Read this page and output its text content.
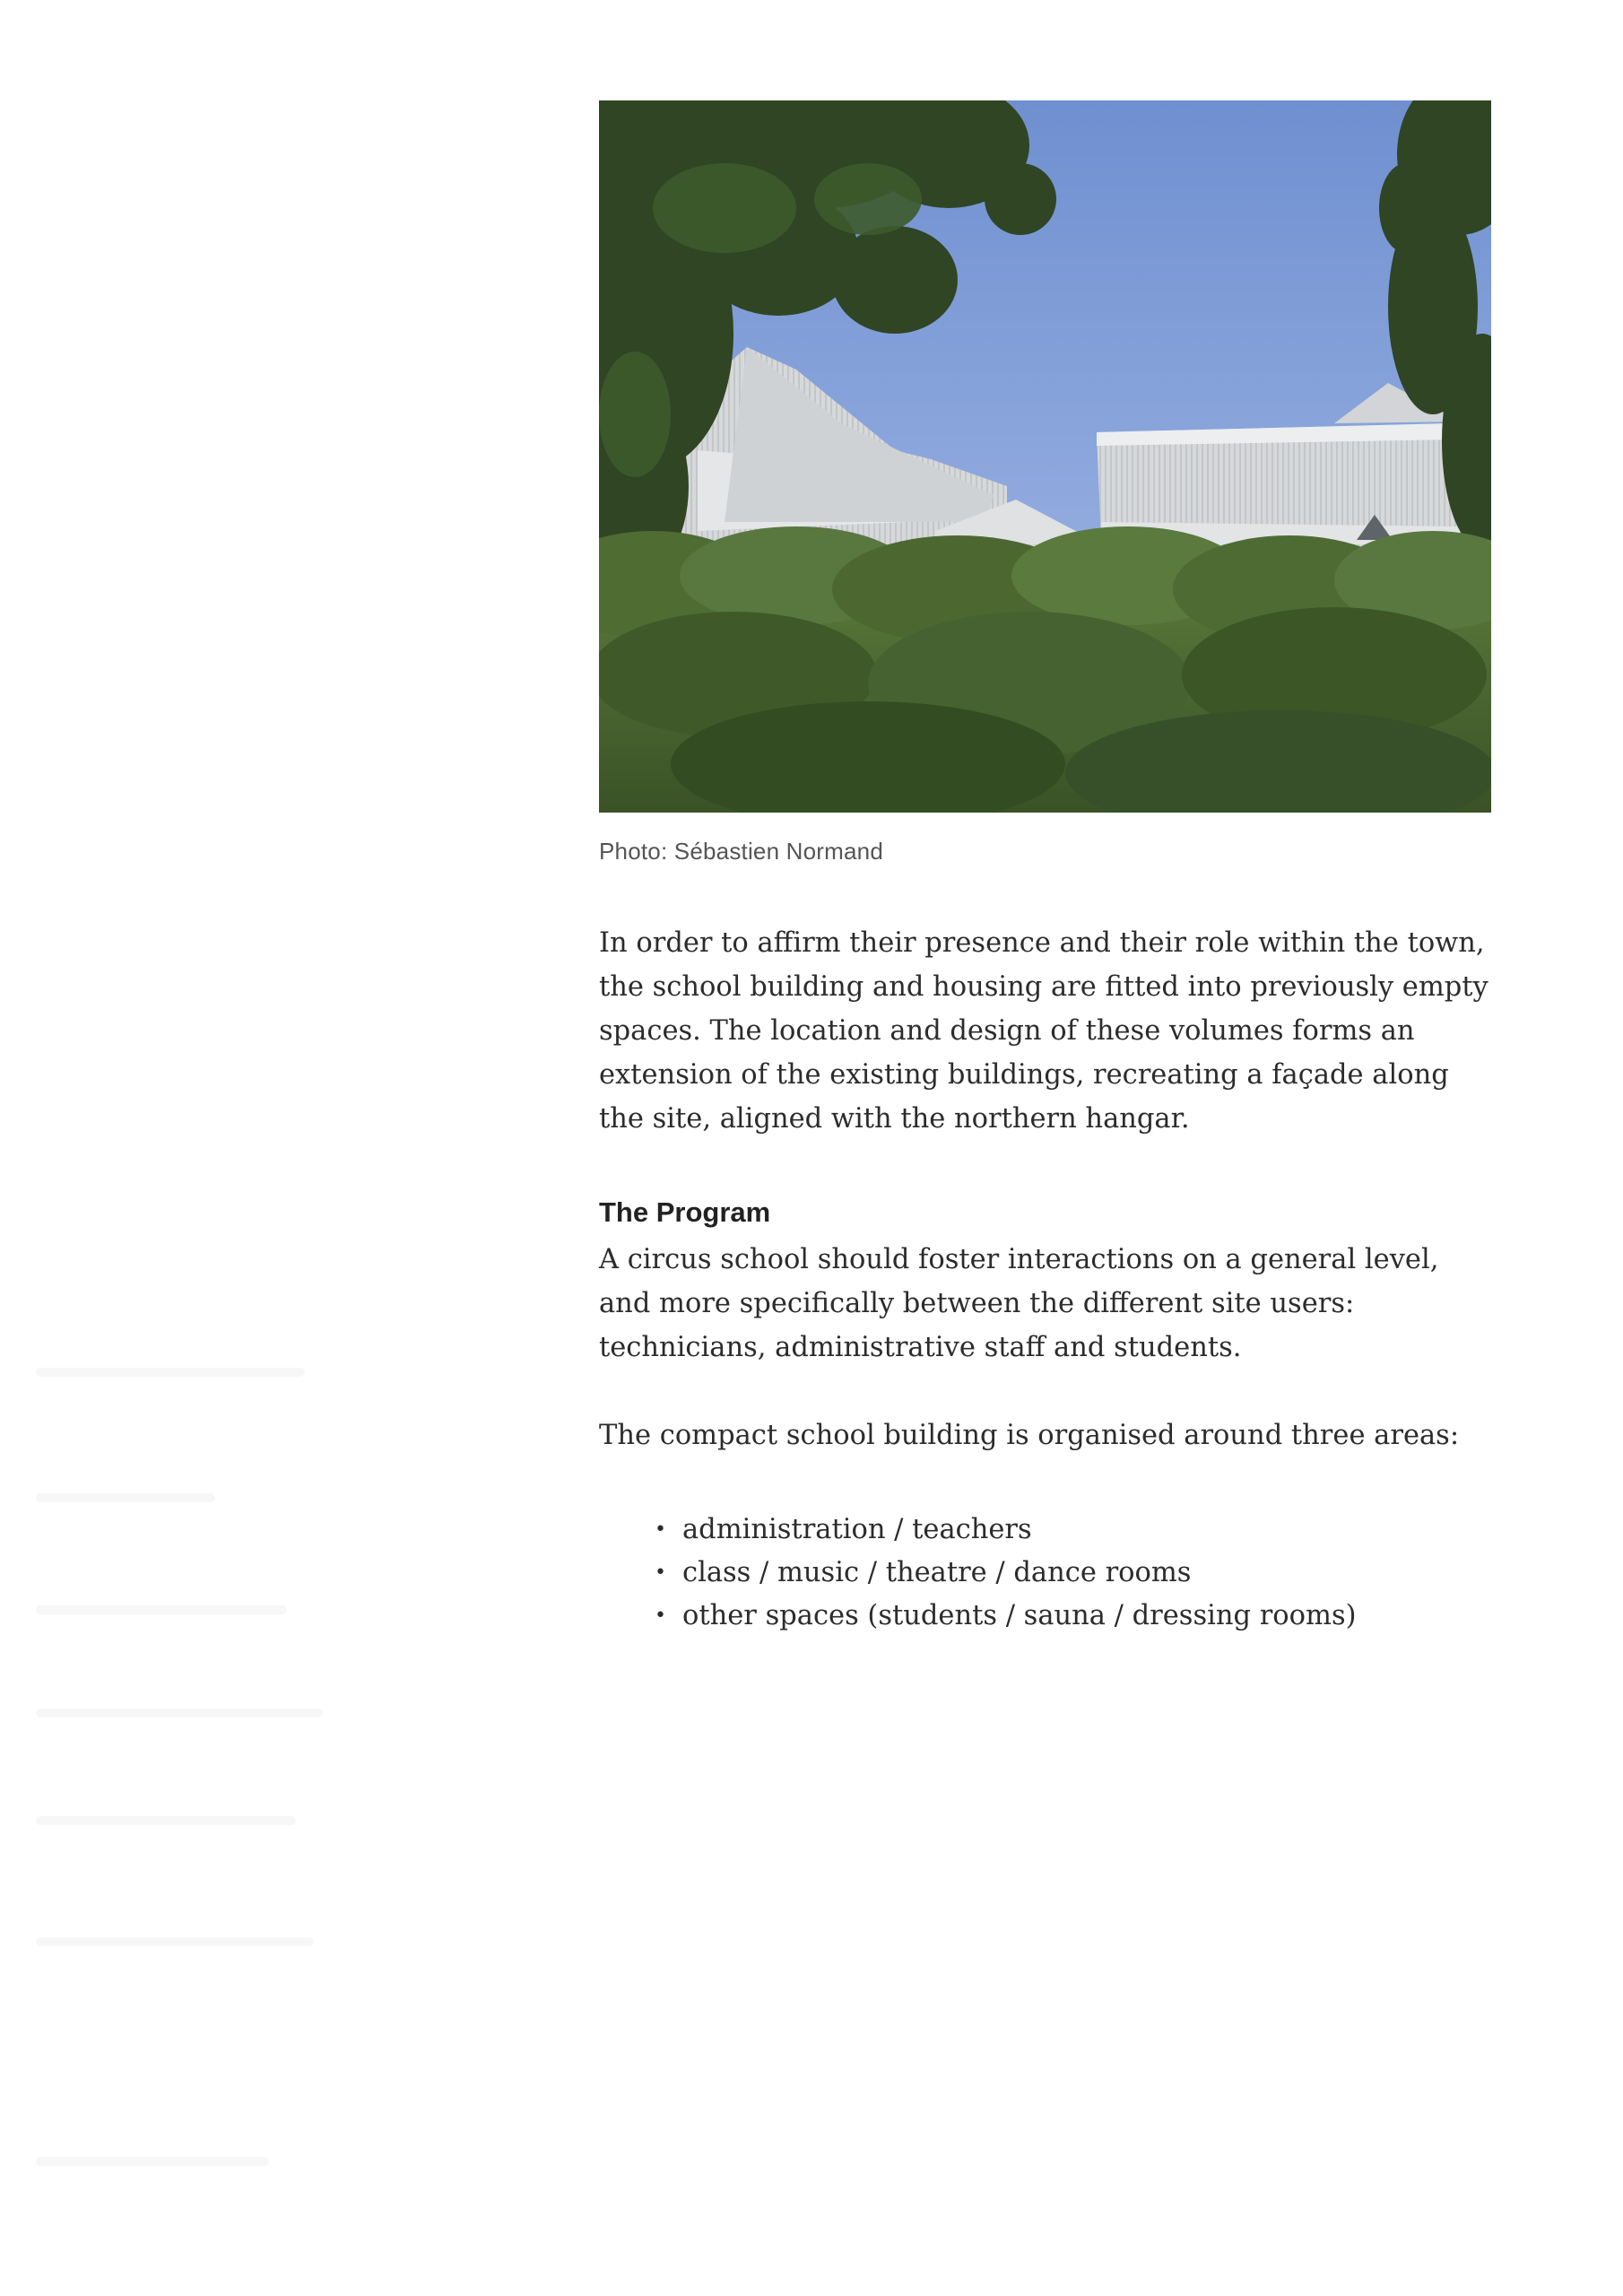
Photo: Sébastien Normand

In order to affirm their presence and their role within the town, the school building and housing are fitted into previously empty spaces. The location and design of these volumes forms an extension of the existing buildings, recreating a façade along the site, aligned with the northern hangar.

The Program

A circus school should foster interactions on a general level, and more specifically between the different site users: technicians, administrative staff and students.

The compact school building is organised around three areas:

• administration / teachers
• class / music / theatre / dance rooms
• other spaces (students / sauna / dressing rooms)
